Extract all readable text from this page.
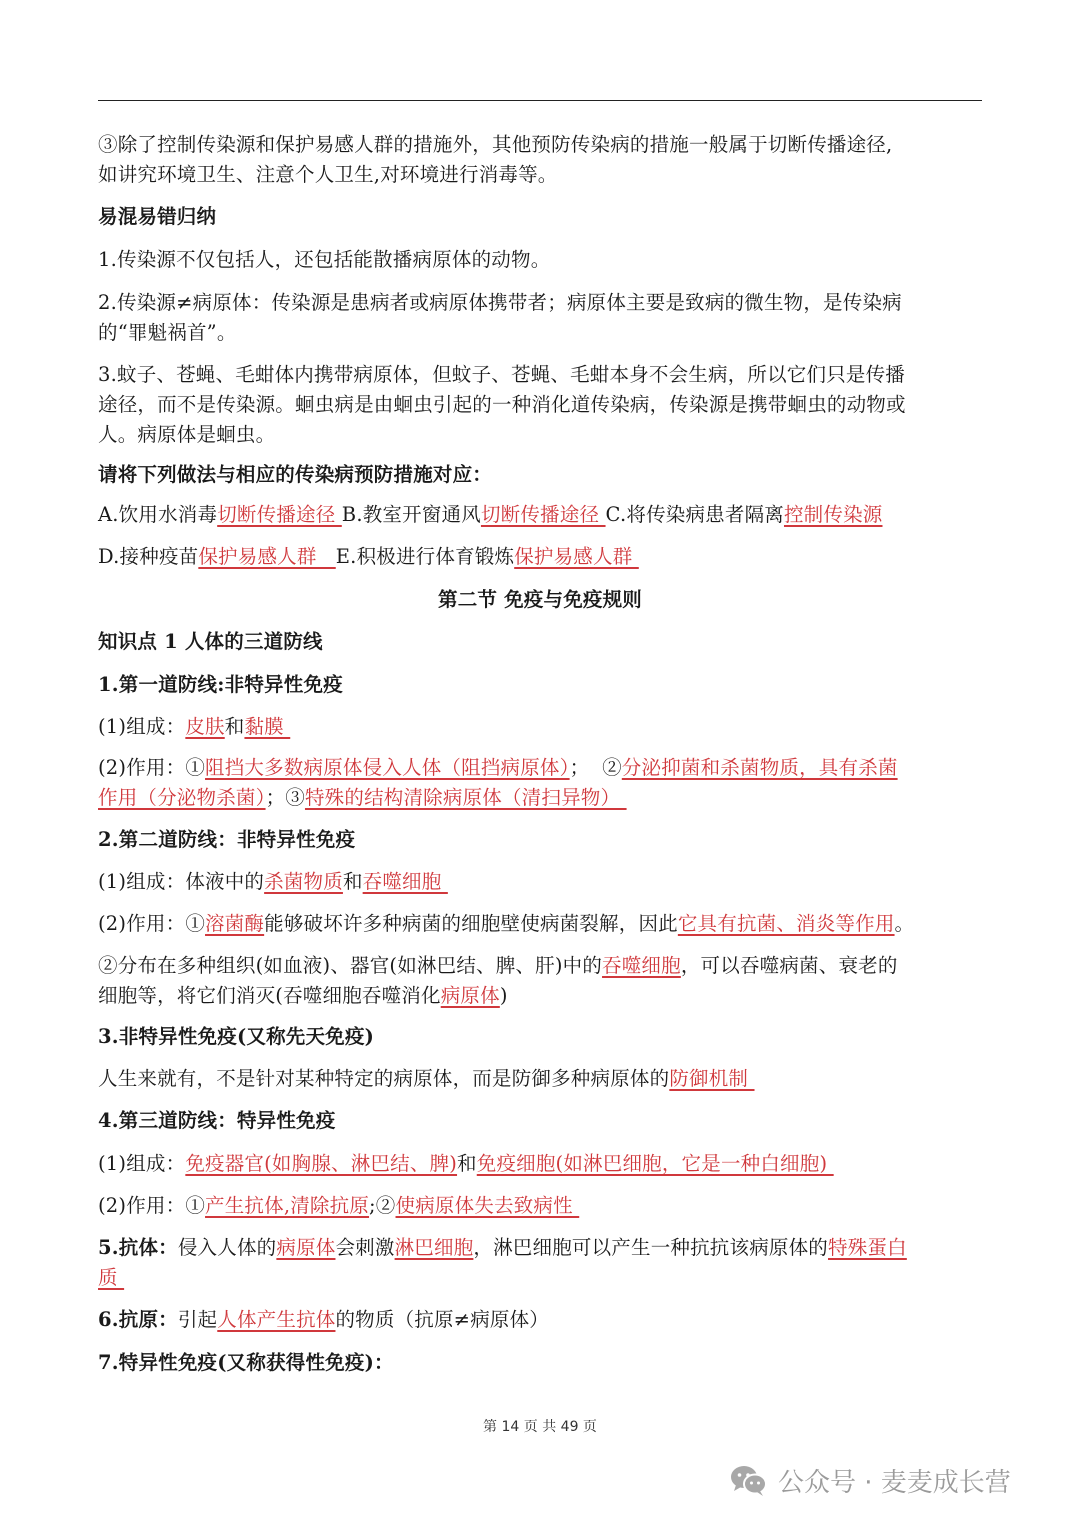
③除了控制传染源和保护易感人群的措施外，其他预防传染病的措施一般属于切断传播途径,
如讲究环境卫生、注意个人卫生,对环境进行消毒等。
易混易错归纳
1.传染源不仅包括人，还包括能散播病原体的动物。
2.传染源≠病原体：传染源是患病者或病原体携带者；病原体主要是致病的微生物，是传染病
的“罪魁祸首”。
3.蚊子、苍蝇、毛蚶体内携带病原体，但蚊子、苍蝇、毛蚶本身不会生病，所以它们只是传播
途径，而不是传染源。蛔虫病是由蛔虫引起的一种消化道传染病，传染源是携带蛔虫的动物或
人。病原体是蛔虫。
请将下列做法与相应的传染病预防措施对应：
A.饮用水消毒切断传播途径 B.教室开窗通风切断传播途径 C.将传染病患者隔离控制传染源
D.接种疫苗保护易感人群   E.积极进行体育锻炼保护易感人群
第二节 免疫与免疫规则
知识点 1 人体的三道防线
1.第一道防线:非特异性免疫
(1)组成：皮肤和黏膜
(2)作用：①阻挡大多数病原体侵入人体（阻挡病原体）；  ②分泌抑菌和杀菌物质，具有杀菌
作用（分泌物杀菌）；③特殊的结构清除病原体（清扫异物）
2.第二道防线：非特异性免疫
(1)组成：体液中的杀菌物质和吞噬细胞
(2)作用：①溶菌酶能够破坏许多种病菌的细胞壁使病菌裂解，因此它具有抗菌、消炎等作用。
②分布在多种组织(如血液)、器官(如淋巴结、脾、肝)中的吞噬细胞，可以吞噬病菌、衰老的
细胞等，将它们消灭(吞噬细胞吞噬消化病原体)
3.非特异性免疫(又称先天免疫)
人生来就有，不是针对某种特定的病原体，而是防御多种病原体的防御机制
4.第三道防线：特异性免疫
(1)组成：免疫器官(如胸腺、淋巴结、脾)和免疫细胞(如淋巴细胞，它是一种白细胞)
(2)作用：①产生抗体,清除抗原;②使病原体失去致病性
5.抗体：侵入人体的病原体会刺激淋巴细胞，淋巴细胞可以产生一种抗抗该病原体的特殊蛋白
质
6.抗原：引起人体产生抗体的物质（抗原≠病原体）
7.特异性免疫(又称获得性免疫)：
第 14 页 共 49 页
公众号 · 麦麦成长营
